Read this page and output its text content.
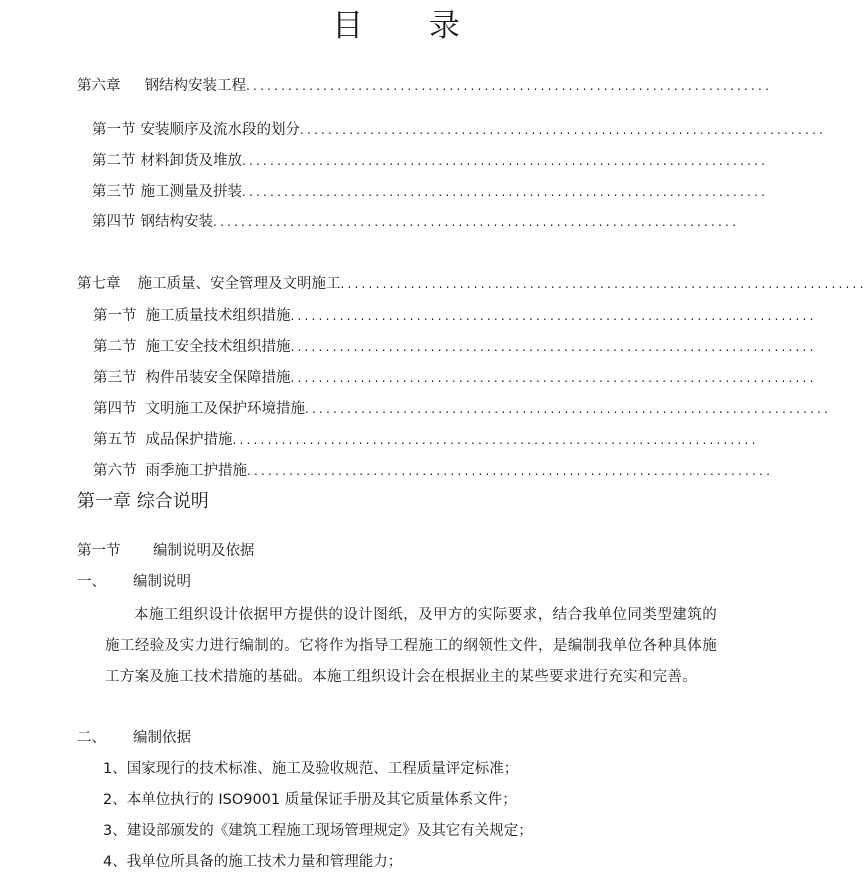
目 录
第六章 钢结构安装工程 ...........................................................................
第一节 安装顺序及流水段的划分 ...........................................................................
第二节 材料卸货及堆放 ...........................................................................
第三节 施工测量及拼装 ...........................................................................
第四节 钢结构安装 ...........................................................................
第七章 施工质量、安全管理及文明施工 ...........................................................................
第一节 施工质量技术组织措施 ...........................................................................
第二节 施工安全技术组织措施 ...........................................................................
第三节 构件吊装安全保障措施 ...........................................................................
第四节 文明施工及保护环境措施 ...........................................................................
第五节 成品保护措施 ...........................................................................
第六节 雨季施工护措施 ...........................................................................
第一章 综合说明
第一节 编制说明及依据
一、 编制说明
本施工组织设计依据甲方提供的设计图纸，及甲方的实际要求，结合我单位同类型建筑的施工经验及实力进行编制的。它将作为指导工程施工的纲领性文件，是编制我单位各种具体施工方案及施工技术措施的基础。本施工组织设计会在根据业主的某些要求进行充实和完善。
二、 编制依据
1、国家现行的技术标准、施工及验收规范、工程质量评定标准；
2、本单位执行的 ISO9001 质量保证手册及其它质量体系文件；
3、建设部颁发的《建筑工程施工现场管理规定》及其它有关规定；
4、我单位所具备的施工技术力量和管理能力；
